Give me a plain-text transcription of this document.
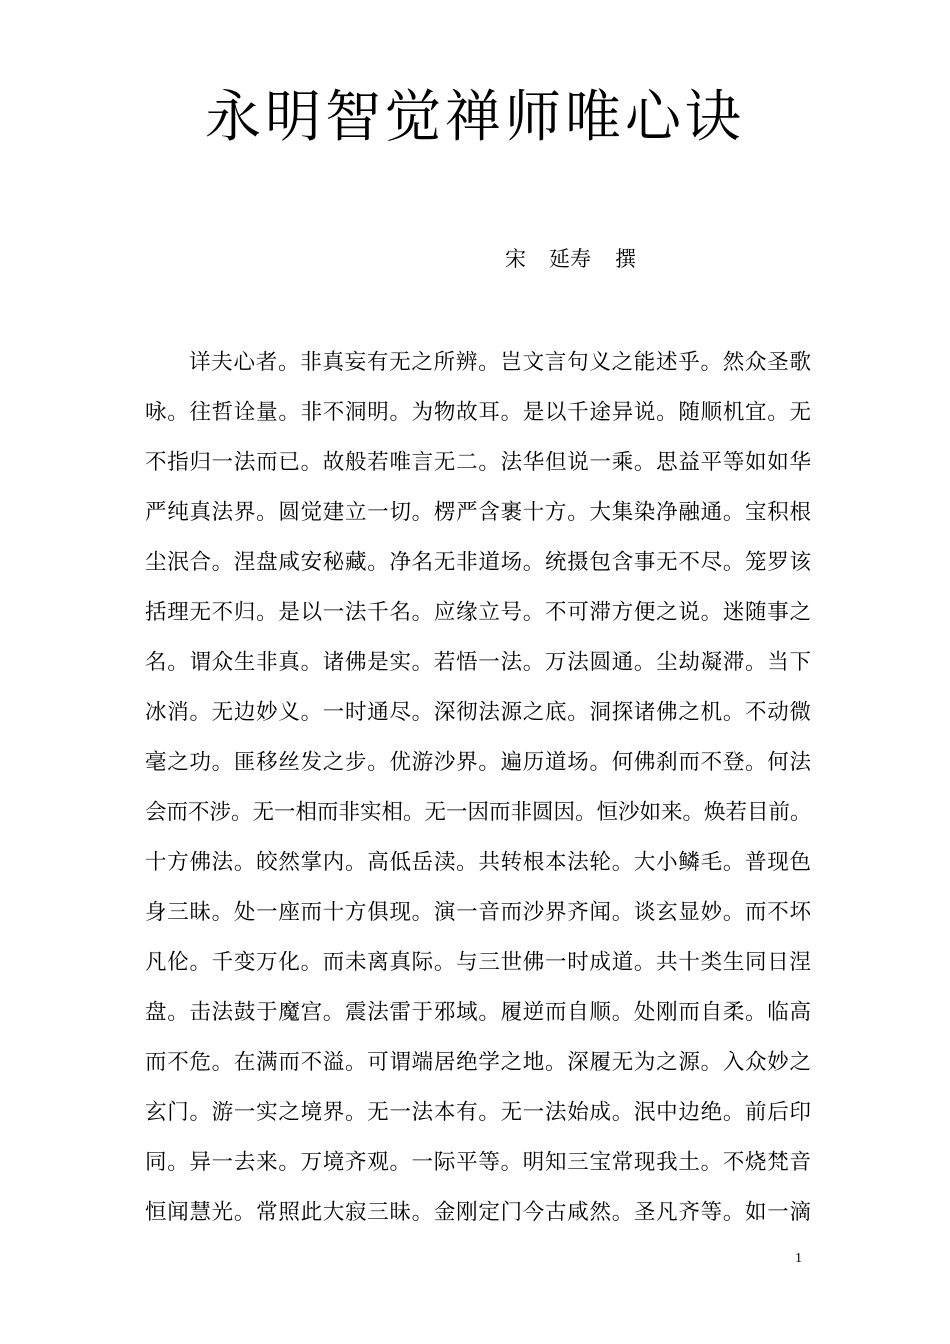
永明智觉禅师唯心诀
宋 延寿 撰
详夫心者。非真妄有无之所辨。岂文言句义之能述乎。然众圣歌
咏。往哲诠量。非不洞明。为物故耳。是以千途异说。随顺机宜。无
不指归一法而已。故般若唯言无二。法华但说一乘。思益平等如如华
严纯真法界。圆觉建立一切。楞严含裹十方。大集染净融通。宝积根
尘泯合。涅盘咸安秘藏。净名无非道场。统摄包含事无不尽。笼罗该
括理无不归。是以一法千名。应缘立号。不可滞方便之说。迷随事之
名。谓众生非真。诸佛是实。若悟一法。万法圆通。尘劫凝滞。当下
冰消。无边妙义。一时通尽。深彻法源之底。洞探诸佛之机。不动微
毫之功。匪移丝发之步。优游沙界。遍历道场。何佛刹而不登。何法
会而不涉。无一相而非实相。无一因而非圆因。恒沙如来。焕若目前。
十方佛法。皎然掌内。高低岳渎。共转根本法轮。大小鳞毛。普现色
身三昧。处一座而十方俱现。演一音而沙界齐闻。谈玄显妙。而不坏
凡伦。千变万化。而未离真际。与三世佛一时成道。共十类生同日涅
盘。击法鼓于魔宫。震法雷于邪域。履逆而自顺。处刚而自柔。临高
而不危。在满而不溢。可谓端居绝学之地。深履无为之源。入众妙之
玄门。游一实之境界。无一法本有。无一法始成。泯中边绝。前后印
同。异一去来。万境齐观。一际平等。明知三宝常现我土。不烧梵音
恒闻慧光。常照此大寂三昧。金刚定门今古咸然。圣凡齐等。如一滴
1
